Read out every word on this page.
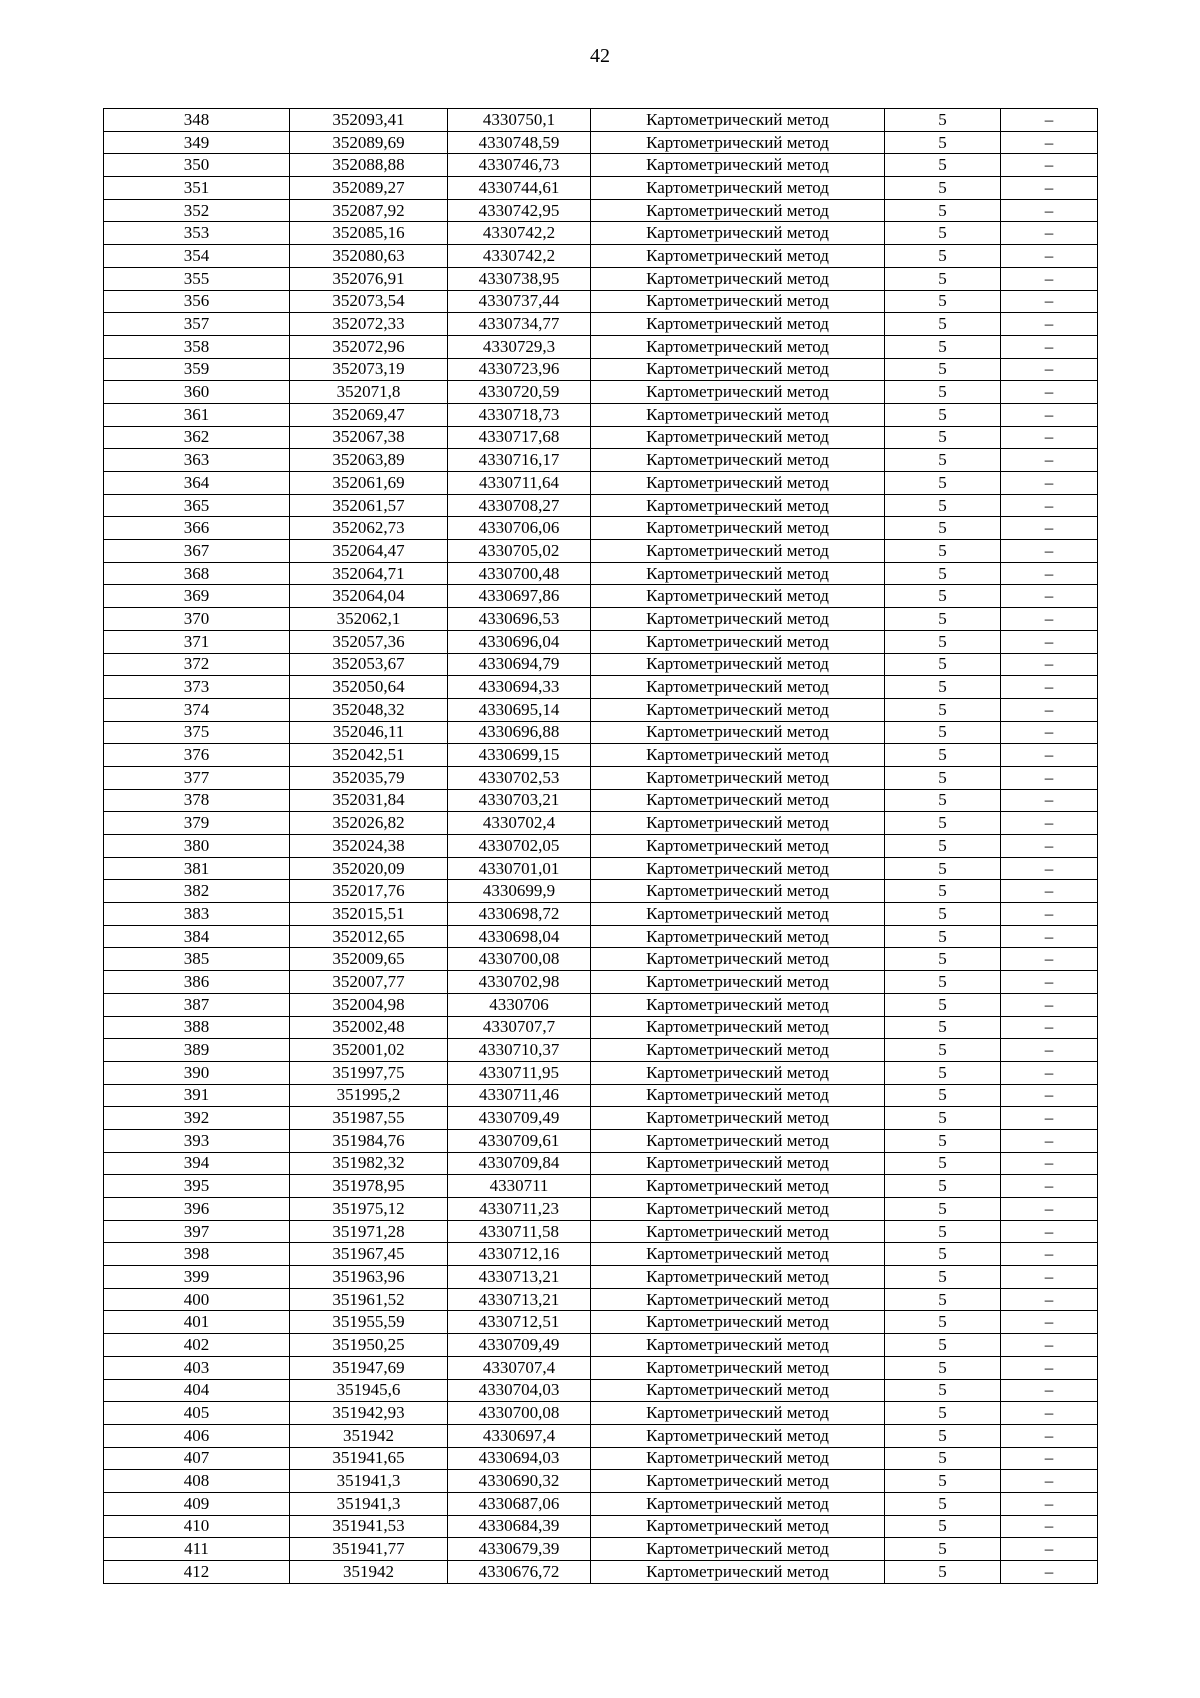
42
348	352093,41	4330750,1	Картометрический метод	5	–
349	352089,69	4330748,59	Картометрический метод	5	–
350	352088,88	4330746,73	Картометрический метод	5	–
351	352089,27	4330744,61	Картометрический метод	5	–
352	352087,92	4330742,95	Картометрический метод	5	–
353	352085,16	4330742,2	Картометрический метод	5	–
354	352080,63	4330742,2	Картометрический метод	5	–
355	352076,91	4330738,95	Картометрический метод	5	–
356	352073,54	4330737,44	Картометрический метод	5	–
357	352072,33	4330734,77	Картометрический метод	5	–
358	352072,96	4330729,3	Картометрический метод	5	–
359	352073,19	4330723,96	Картометрический метод	5	–
360	352071,8	4330720,59	Картометрический метод	5	–
361	352069,47	4330718,73	Картометрический метод	5	–
362	352067,38	4330717,68	Картометрический метод	5	–
363	352063,89	4330716,17	Картометрический метод	5	–
364	352061,69	4330711,64	Картометрический метод	5	–
365	352061,57	4330708,27	Картометрический метод	5	–
366	352062,73	4330706,06	Картометрический метод	5	–
367	352064,47	4330705,02	Картометрический метод	5	–
368	352064,71	4330700,48	Картометрический метод	5	–
369	352064,04	4330697,86	Картометрический метод	5	–
370	352062,1	4330696,53	Картометрический метод	5	–
371	352057,36	4330696,04	Картометрический метод	5	–
372	352053,67	4330694,79	Картометрический метод	5	–
373	352050,64	4330694,33	Картометрический метод	5	–
374	352048,32	4330695,14	Картометрический метод	5	–
375	352046,11	4330696,88	Картометрический метод	5	–
376	352042,51	4330699,15	Картометрический метод	5	–
377	352035,79	4330702,53	Картометрический метод	5	–
378	352031,84	4330703,21	Картометрический метод	5	–
379	352026,82	4330702,4	Картометрический метод	5	–
380	352024,38	4330702,05	Картометрический метод	5	–
381	352020,09	4330701,01	Картометрический метод	5	–
382	352017,76	4330699,9	Картометрический метод	5	–
383	352015,51	4330698,72	Картометрический метод	5	–
384	352012,65	4330698,04	Картометрический метод	5	–
385	352009,65	4330700,08	Картометрический метод	5	–
386	352007,77	4330702,98	Картометрический метод	5	–
387	352004,98	4330706	Картометрический метод	5	–
388	352002,48	4330707,7	Картометрический метод	5	–
389	352001,02	4330710,37	Картометрический метод	5	–
390	351997,75	4330711,95	Картометрический метод	5	–
391	351995,2	4330711,46	Картометрический метод	5	–
392	351987,55	4330709,49	Картометрический метод	5	–
393	351984,76	4330709,61	Картометрический метод	5	–
394	351982,32	4330709,84	Картометрический метод	5	–
395	351978,95	4330711	Картометрический метод	5	–
396	351975,12	4330711,23	Картометрический метод	5	–
397	351971,28	4330711,58	Картометрический метод	5	–
398	351967,45	4330712,16	Картометрический метод	5	–
399	351963,96	4330713,21	Картометрический метод	5	–
400	351961,52	4330713,21	Картометрический метод	5	–
401	351955,59	4330712,51	Картометрический метод	5	–
402	351950,25	4330709,49	Картометрический метод	5	–
403	351947,69	4330707,4	Картометрический метод	5	–
404	351945,6	4330704,03	Картометрический метод	5	–
405	351942,93	4330700,08	Картометрический метод	5	–
406	351942	4330697,4	Картометрический метод	5	–
407	351941,65	4330694,03	Картометрический метод	5	–
408	351941,3	4330690,32	Картометрический метод	5	–
409	351941,3	4330687,06	Картометрический метод	5	–
410	351941,53	4330684,39	Картометрический метод	5	–
411	351941,77	4330679,39	Картометрический метод	5	–
412	351942	4330676,72	Картометрический метод	5	–
